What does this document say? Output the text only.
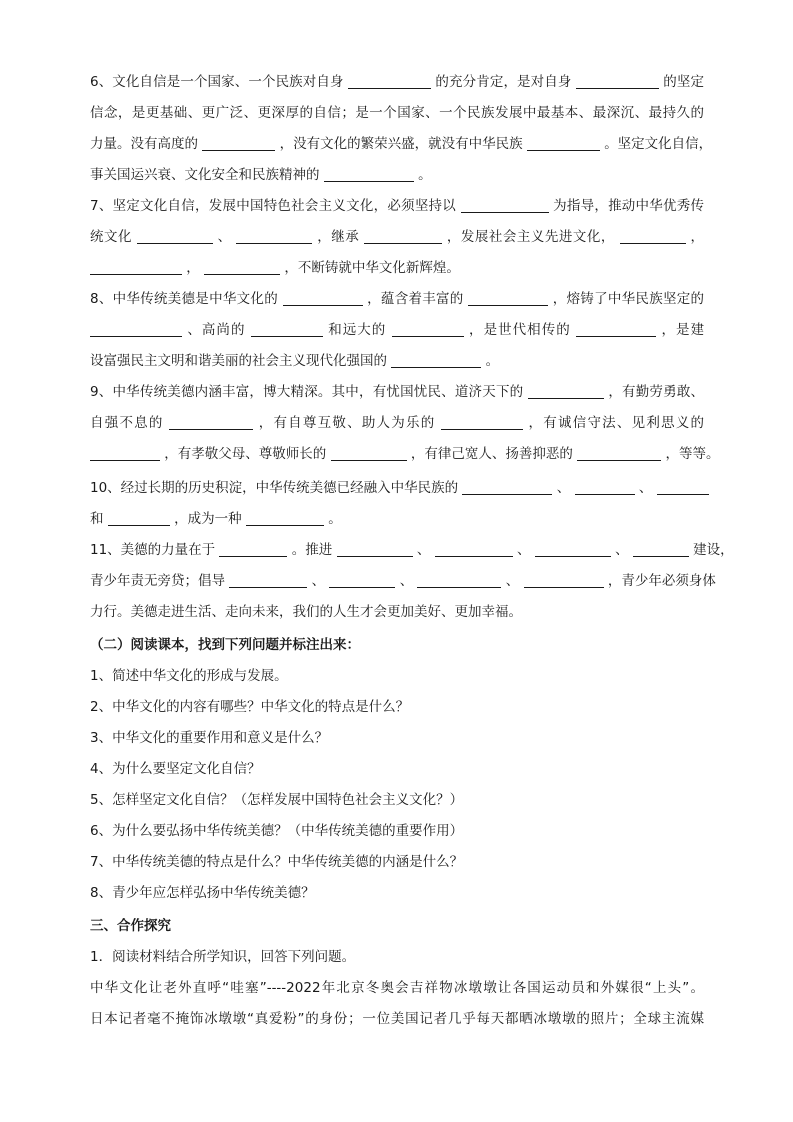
6、文化自信是一个国家、一个民族对自身	的充分肯定，是对自身	的坚定
信念，是更基础、更广泛、更深厚的自信；是一个国家、一个民族发展中最基本、最深沉、最持久的
力量。没有高度的	，没有文化的繁荣兴盛，就没有中华民族	。坚定文化自信，
事关国运兴衰、文化安全和民族精神的	。
7、坚定文化自信，发展中国特色社会主义文化，必须坚持以	为指导，推动中华优秀传
统文化	、	，继承	，发展社会主义先进文化，	，
，	，不断铸就中华文化新辉煌。
8、中华传统美德是中华文化的	，蕴含着丰富的	，熔铸了中华民族坚定的
、高尚的	和远大的	，是世代相传的	，是建
设富强民主文明和谐美丽的社会主义现代化强国的	。
9、中华传统美德内涵丰富，博大精深。其中，有忧国忧民、道济天下的	，有勤劳勇敢、
自强不息的	，有自尊互敬、助人为乐的	，有诚信守法、见利思义的
，有孝敬父母、尊敬师长的	，有律己宽人、扬善抑恶的	，等等。
10、经过长期的历史积淀，中华传统美德已经融入中华民族的	、	、
和	，成为一种	。
11、美德的力量在于	。推进	、	、	、	建设，
青少年责无旁贷；倡导	、	、	、	，青少年必须身体
力行。美德走进生活、走向未来，我们的人生才会更加美好、更加幸福。
（二）阅读课本，找到下列问题并标注出来：
1、简述中华文化的形成与发展。
2、中华文化的内容有哪些？中华文化的特点是什么？
3、中华文化的重要作用和意义是什么？
4、为什么要坚定文化自信？
5、怎样坚定文化自信？（怎样发展中国特色社会主义文化？）
6、为什么要弘扬中华传统美德？（中华传统美德的重要作用）
7、中华传统美德的特点是什么？中华传统美德的内涵是什么？
8、青少年应怎样弘扬中华传统美德？
三、合作探究
1．阅读材料结合所学知识，回答下列问题。
中华文化让老外直呼“哇塞”----2022年北京冬奥会吉祥物冰墩墩让各国运动员和外媒很“上头”。
日本记者毫不掩饰冰墩墩“真爱粉”的身份；一位美国记者几乎每天都晒冰墩墩的照片；全球主流媒
